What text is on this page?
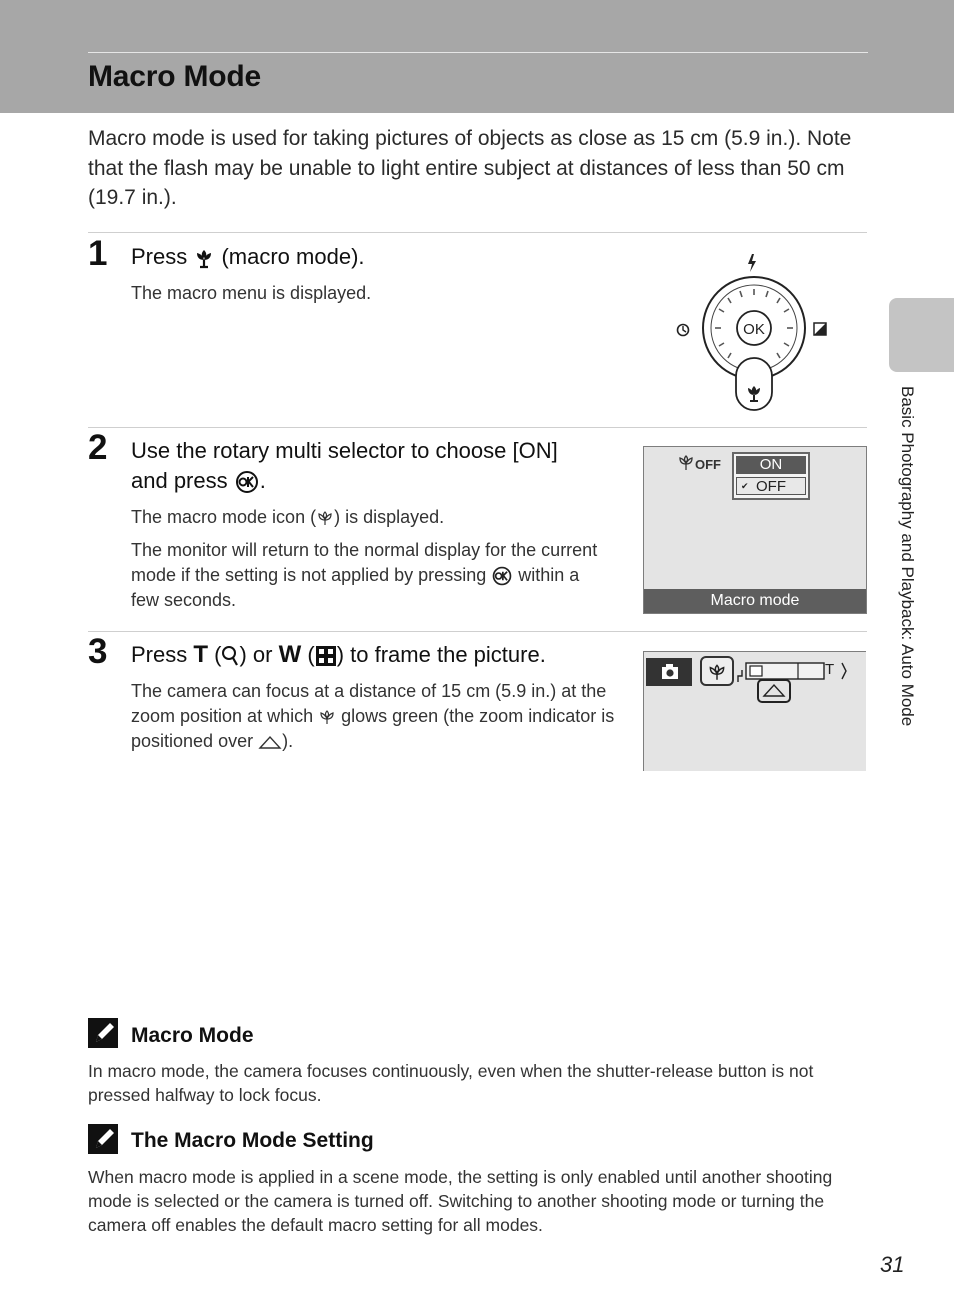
Macro Mode
Macro mode is used for taking pictures of objects as close as 15 cm (5.9 in.). Note that the flash may be unable to light entire subject at distances of less than 50 cm (19.7 in.).
1 Press  (macro mode).
The macro menu is displayed.
OK
2 Use the rotary multi selector to choose [ON]
and press .
The macro mode icon ( ) is displayed.
The monitor will return to the normal display for the current mode if the setting is not applied by pressing  within a few seconds.
OFF	ON
✔ OFF
Macro mode
3 Press T ( ) or W ( ) to frame the picture.
The camera can focus at a distance of 15 cm (5.9 in.) at the zoom position at which  glows green (the zoom indicator is positioned over ).
T	Basic Photography and Playback: Auto Mode
Macro Mode
In macro mode, the camera focuses continuously, even when the shutter-release button is not pressed halfway to lock focus.
The Macro Mode Setting
When macro mode is applied in a scene mode, the setting is only enabled until another shooting mode is selected or the camera is turned off. Switching to another shooting mode or turning the camera off enables the default macro setting for all modes.
31
